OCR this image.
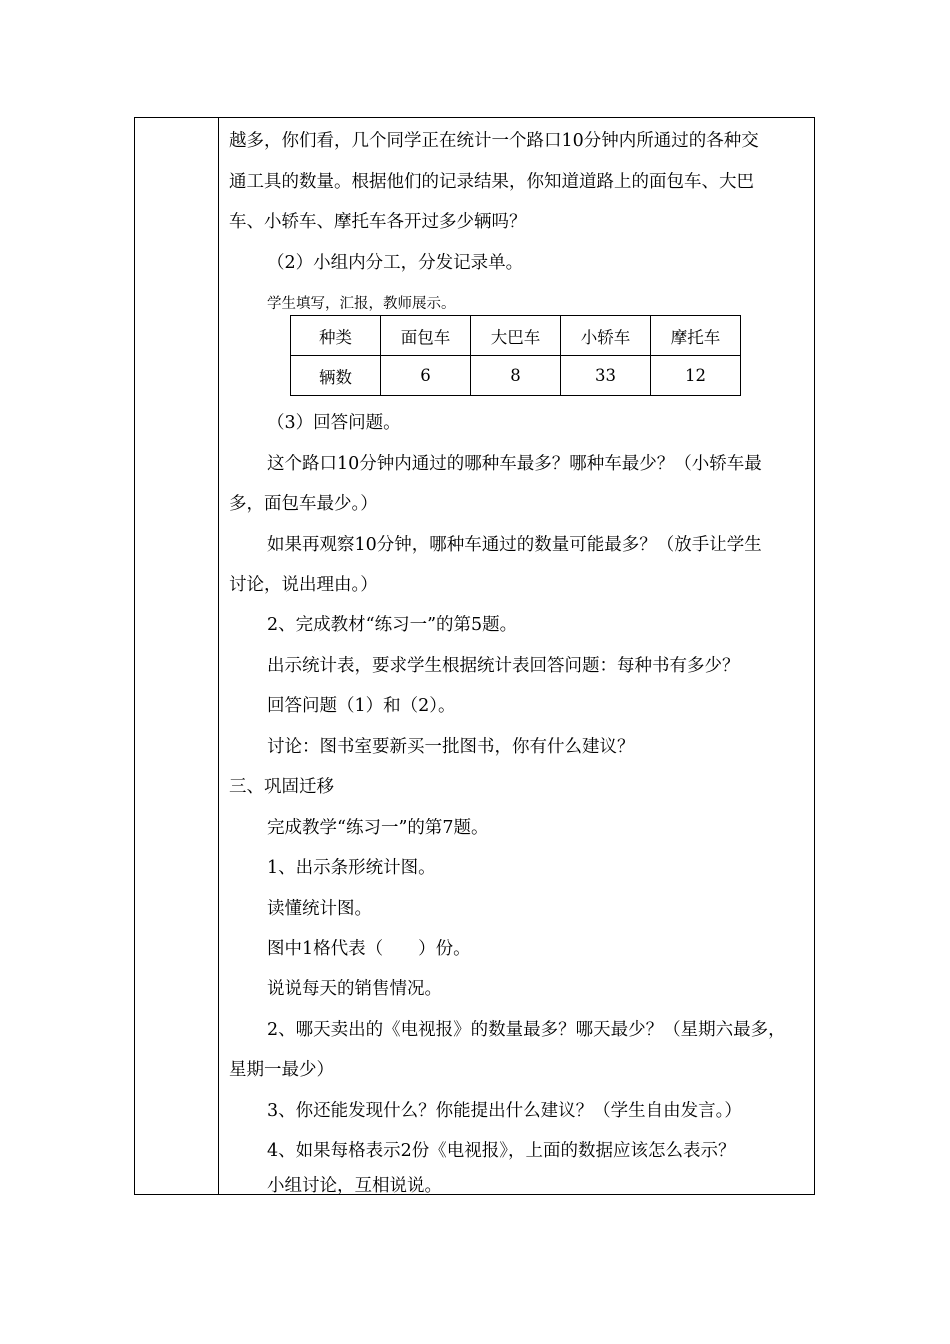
越多，你们看，几个同学正在统计一个路口10分钟内所通过的各种交
通工具的数量。根据他们的记录结果，你知道道路上的面包车、大巴
车、小轿车、摩托车各开过多少辆吗？
（2）小组内分工，分发记录单。
学生填写，汇报，教师展示。
种类	面包车	大巴车	小轿车	摩托车
辆数	6	8	33	12
（3）回答问题。
这个路口10分钟内通过的哪种车最多？哪种车最少？（小轿车最
多，面包车最少。）
如果再观察10分钟，哪种车通过的数量可能最多？（放手让学生
讨论，说出理由。）
2、完成教材“练习一”的第5题。
出示统计表，要求学生根据统计表回答问题：每种书有多少？
回答问题（1）和（2）。
讨论：图书室要新买一批图书，你有什么建议？
三、巩固迁移
完成教学“练习一”的第7题。
1、出示条形统计图。
读懂统计图。
图中1格代表（　　）份。
说说每天的销售情况。
2、哪天卖出的《电视报》的数量最多？哪天最少？（星期六最多，
星期一最少）
3、你还能发现什么？你能提出什么建议？（学生自由发言。）
4、如果每格表示2份《电视报》，上面的数据应该怎么表示？
小组讨论，互相说说。
